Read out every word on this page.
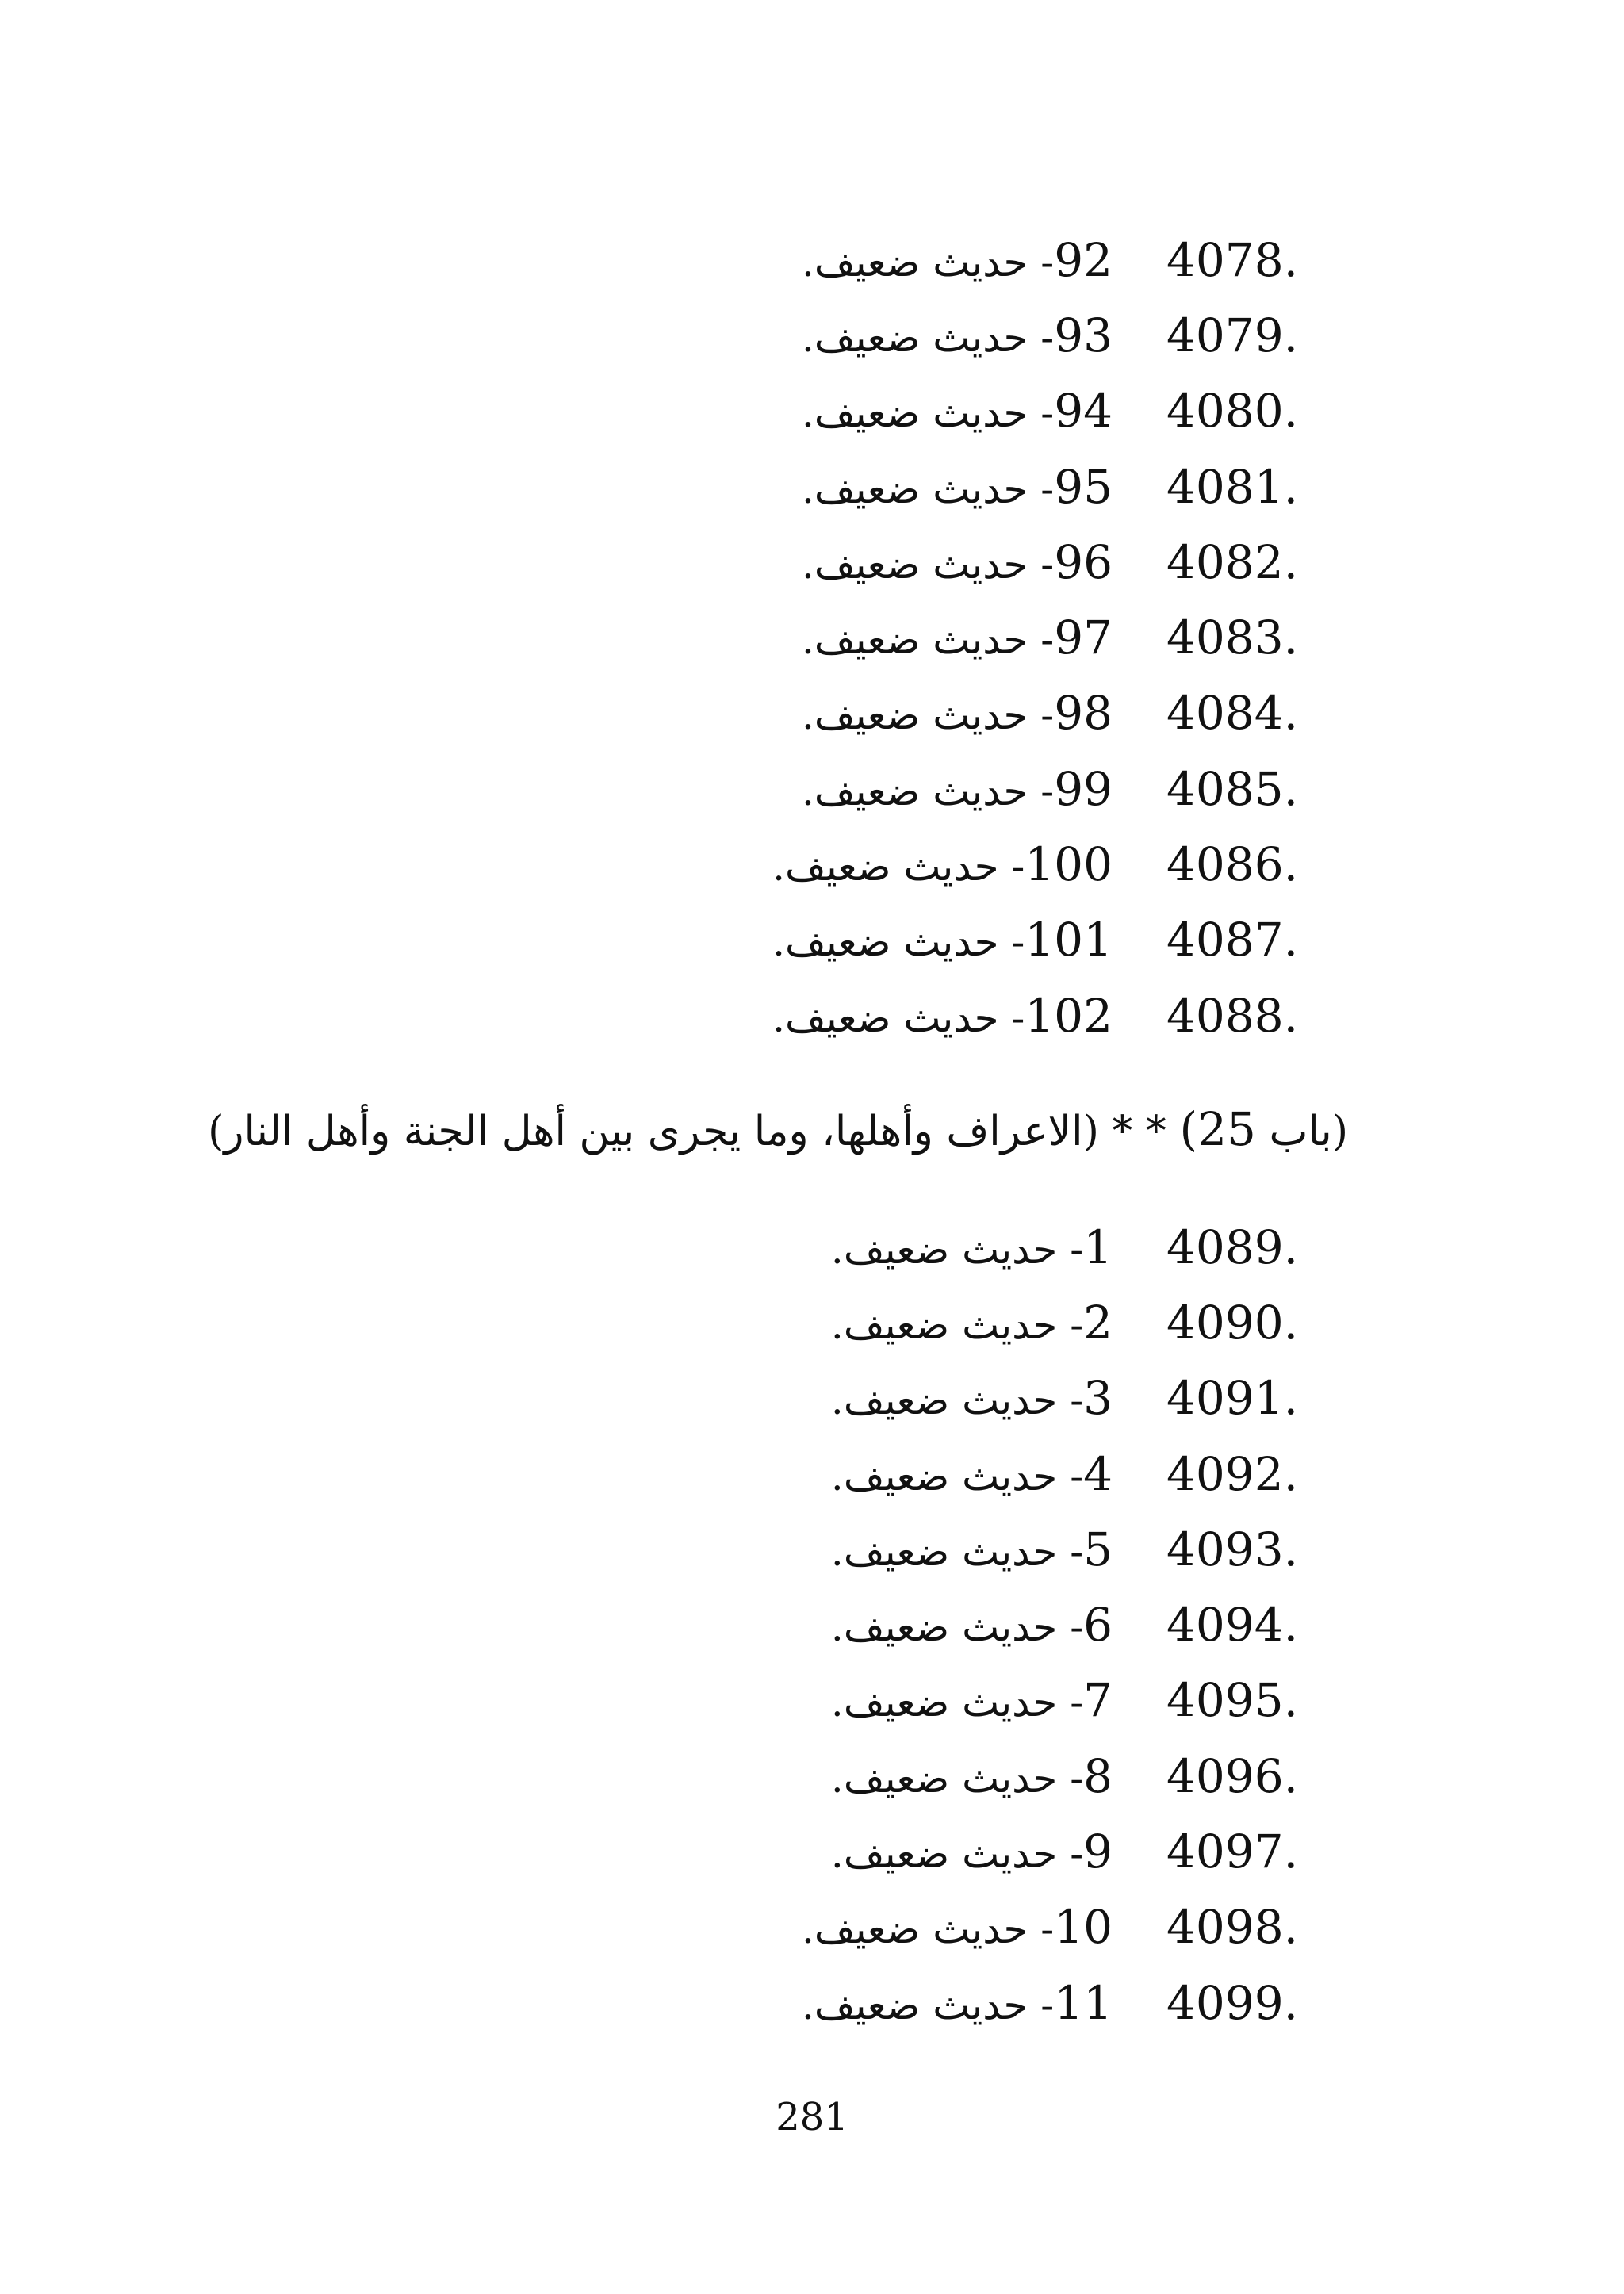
4078.
92- حديث ضعيف.
4079.
93- حديث ضعيف.
4080.
94- حديث ضعيف.
4081.
95- حديث ضعيف.
4082.
96- حديث ضعيف.
4083.
97- حديث ضعيف.
4084.
98- حديث ضعيف.
4085.
99- حديث ضعيف.
4086.
100- حديث ضعيف.
4087.
101- حديث ضعيف.
4088.
102- حديث ضعيف.
(باب 25) * * (الاعراف وأهلها، وما يجرى بين أهل الجنة وأهل النار)
4089.
1- حديث ضعيف.
4090.
2- حديث ضعيف.
4091.
3- حديث ضعيف.
4092.
4- حديث ضعيف.
4093.
5- حديث ضعيف.
4094.
6- حديث ضعيف.
4095.
7- حديث ضعيف.
4096.
8- حديث ضعيف.
4097.
9- حديث ضعيف.
4098.
10- حديث ضعيف.
4099.
11- حديث ضعيف.
281
